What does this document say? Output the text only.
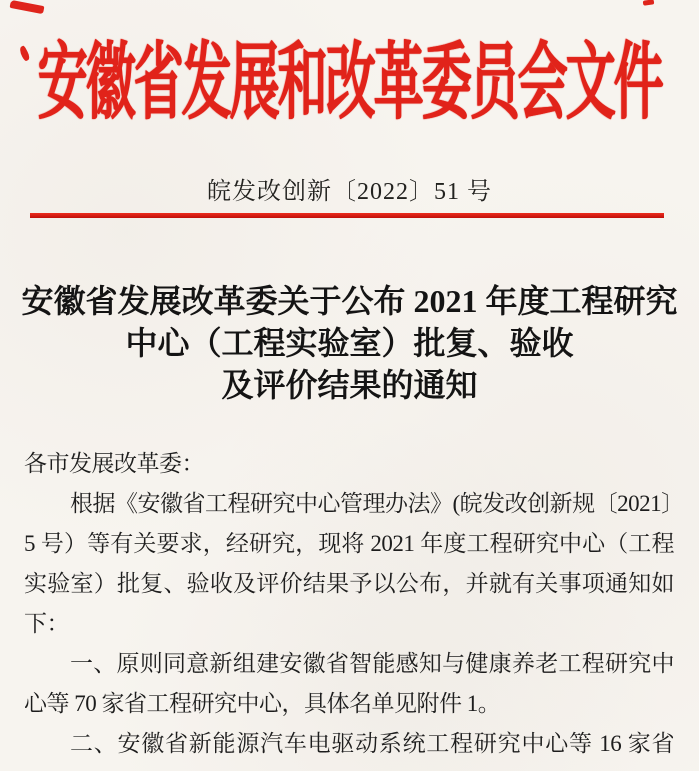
安徽省发展和改革委员会文件
皖发改创新〔2022〕51 号
安徽省发展改革委关于公布 2021 年度工程研究
中心（工程实验室）批复、验收
及评价结果的通知
各市发展改革委：
根据《安徽省工程研究中心管理办法》(皖发改创新规〔2021〕
5 号）等有关要求，经研究，现将 2021 年度工程研究中心（工程
实验室）批复、验收及评价结果予以公布，并就有关事项通知如
下：
一、原则同意新组建安徽省智能感知与健康养老工程研究中
心等 70 家省工程研究中心，具体名单见附件 1。
二、安徽省新能源汽车电驱动系统工程研究中心等 16 家省
